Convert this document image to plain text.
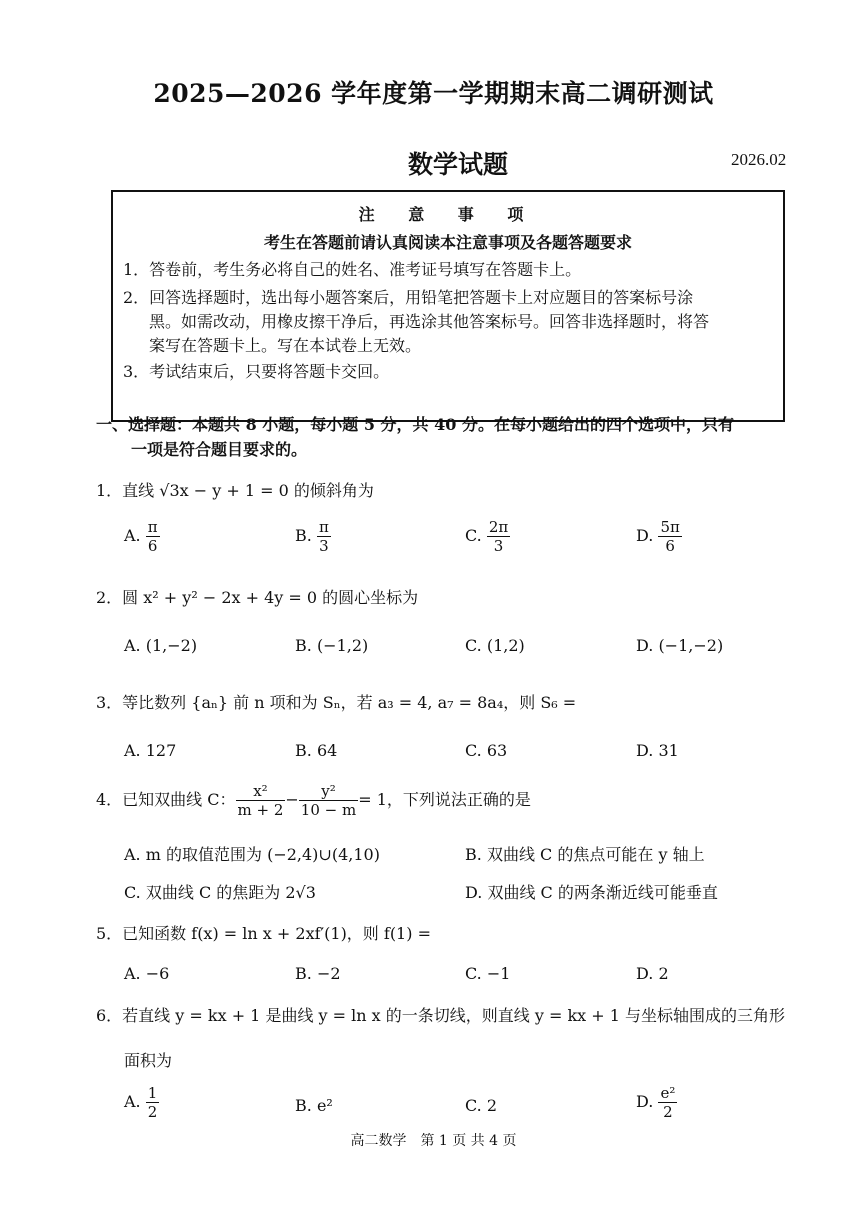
2025—2026 学年度第一学期期末高二调研测试
数学试题	2026.02
注 意 事 项
考生在答题前请认真阅读本注意事项及各题答题要求
1．答卷前，考生务必将自己的姓名、准考证号填写在答题卡上。
2．回答选择题时，选出每小题答案后，用铅笔把答题卡上对应题目的答案标号涂
黑。如需改动，用橡皮擦干净后，再选涂其他答案标号。回答非选择题时，将答
案写在答题卡上。写在本试卷上无效。
3．考试结束后，只要将答题卡交回。
一、选择题：本题共 8 小题，每小题 5 分，共 40 分。在每小题给出的四个选项中，只有
一项是符合题目要求的。
1．直线 √3x − y + 1 = 0 的倾斜角为
A. $\frac{\pi}{6}$	B. $\frac{\pi}{3}$	C. $\frac{2\pi}{3}$	D. $\frac{5\pi}{6}$
2．圆 x² + y² − 2x + 4y = 0 的圆心坐标为
A. (1,−2)	B. (−1,2)	C. (1,2)	D. (−1,−2)
3．等比数列 {aₙ} 前 n 项和为 Sₙ，若 a₃ = 4, a₇ = 8a₄，则 S₆ =
A. 127	B. 64	C. 63	D. 31
4．已知双曲线 C： $\frac{\text{x²}}{m + 2} - \frac{\text{y²}}{10 - m} = 1$，下列说法正确的是
A. m 的取值范围为 (−2,4)∪(4,10)	B. 双曲线 C 的焦点可能在 y 轴上
C. 双曲线 C 的焦距为 2√3	D. 双曲线 C 的两条渐近线可能垂直
5．已知函数 f(x) = ln x + 2xf′(1)，则 f(1) =
A. −6	B. −2	C. −1	D. 2
6．若直线 y = kx + 1 是曲线 y = ln x 的一条切线，则直线 y = kx + 1 与坐标轴围成的三角形
面积为
A. $\frac{1}{2}$	B. e²	C. 2	D. $\frac{\text{e²}}{2}$
高二数学　第 1 页 共 4 页
